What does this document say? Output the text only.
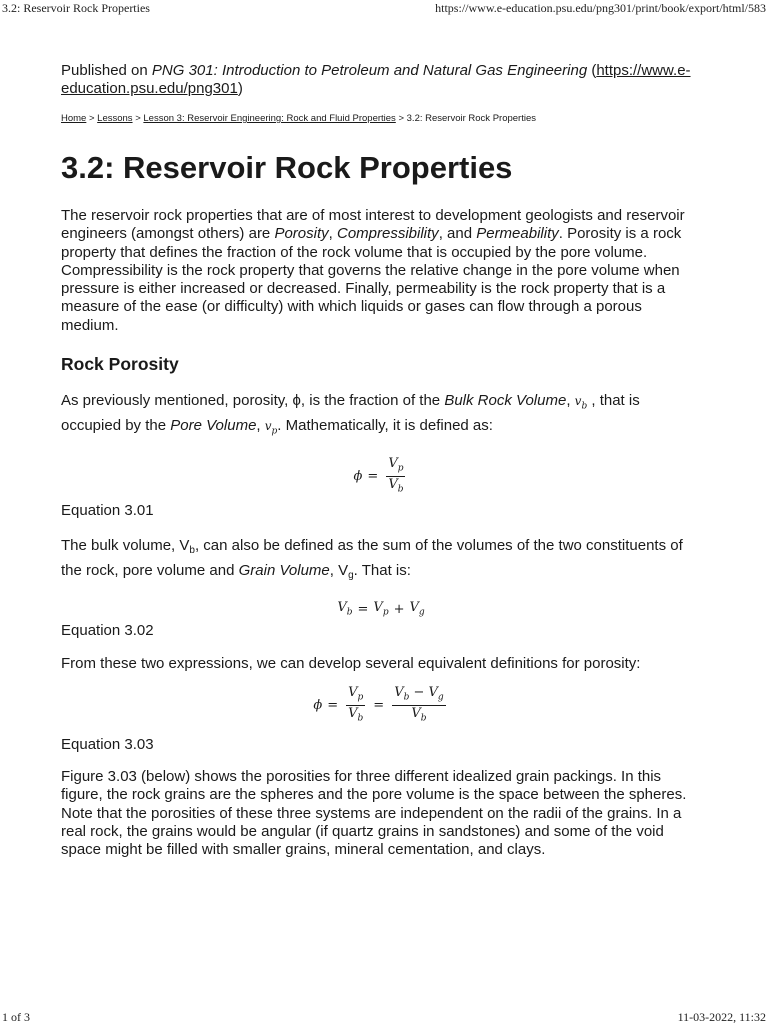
3.2: Reservoir Rock Properties	https://www.e-education.psu.edu/png301/print/book/export/html/583

Published on PNG 301: Introduction to Petroleum and Natural Gas Engineering (https://www.e-education.psu.edu/png301)

Home > Lessons > Lesson 3: Reservoir Engineering: Rock and Fluid Properties > 3.2: Reservoir Rock Properties
3.2: Reservoir Rock Properties

The reservoir rock properties that are of most interest to development geologists and reservoir engineers (amongst others) are Porosity, Compressibility, and Permeability. Porosity is a rock property that defines the fraction of the rock volume that is occupied by the pore volume. Compressibility is the rock property that governs the relative change in the pore volume when pressure is either increased or decreased. Finally, permeability is the rock property that is a measure of the ease (or difficulty) with which liquids or gases can flow through a porous medium.

Rock Porosity

As previously mentioned, porosity, ϕ, is the fraction of the Bulk Rock Volume, $v_b$ , that is occupied by the Pore Volume, $v_p$. Mathematically, it is defined as:

$\phi = \frac{V_p}{V_b}$

Equation 3.01

The bulk volume, $V_b$, can also be defined as the sum of the volumes of the two constituents of the rock, pore volume and Grain Volume, $V_g$. That is:

$V_b = V_p + V_g$

Equation 3.02

From these two expressions, we can develop several equivalent definitions for porosity:

$\phi = \frac{V_p}{V_b} = \frac{V_b - V_g}{V_b}$

Equation 3.03

Figure 3.03 (below) shows the porosities for three different idealized grain packings. In this figure, the rock grains are the spheres and the pore volume is the space between the spheres. Note that the porosities of these three systems are independent on the radii of the grains. In a real rock, the grains would be angular (if quartz grains in sandstones) and some of the void space might be filled with smaller grains, mineral cementation, and clays.

1 of 3	11-03-2022, 11:32
